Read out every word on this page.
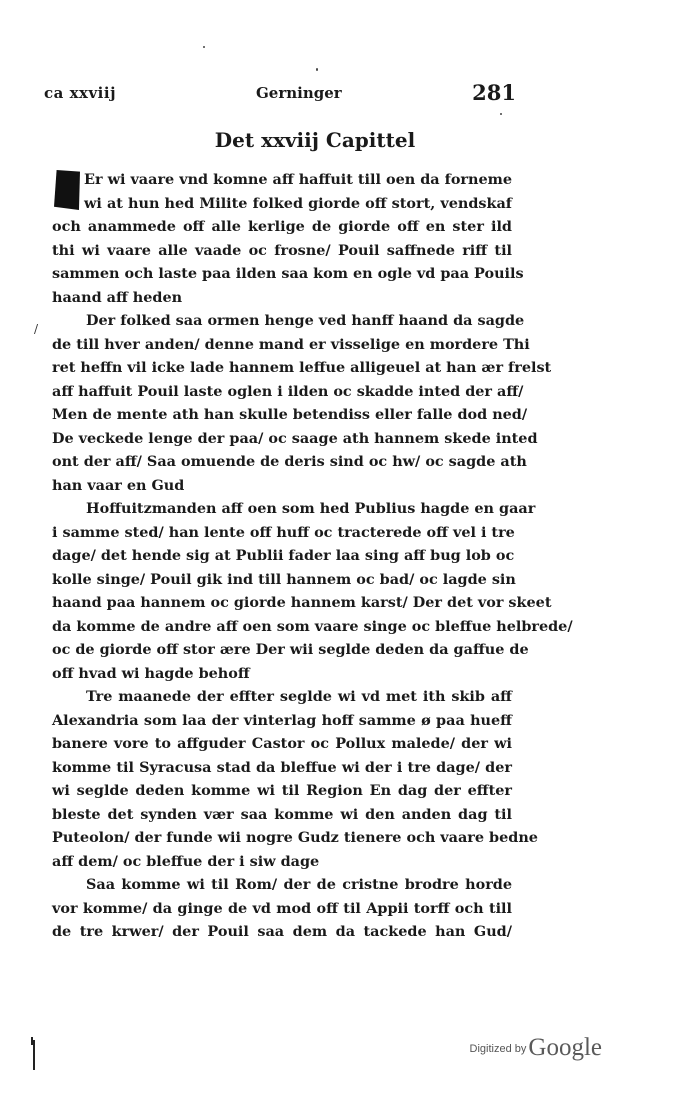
ca xxviij	Gerninger	281
Det xxviij Capittel
/
Er wi vaare vnd komne aff haffuit till oen da forneme
wi at hun hed Milite folked giorde off stort, vendskaf
och anammede off alle kerlige de giorde off en ster ild
thi wi vaare alle vaade oc frosne/ Pouil saffnede riff til
sammen och laste paa ilden saa kom en ogle vd paa Pouils
haand aff heden
Der folked saa ormen henge ved hanff haand da sagde
de till hver anden/ denne mand er visselige en mordere Thi
ret heffn vil icke lade hannem leffue alligeuel at han ær frelst
aff haffuit Pouil laste oglen i ilden oc skadde inted der aff/
Men de mente ath han skulle betendiss eller falle dod ned/
De veckede lenge der paa/ oc saage ath hannem skede inted
ont der aff/ Saa omuende de deris sind oc hw/ oc sagde ath
han vaar en Gud
Hoffuitzmanden aff oen som hed Publius hagde en gaar
i samme sted/ han lente off huff oc tracterede off vel i tre
dage/ det hende sig at Publii fader laa sing aff bug lob oc
kolle singe/ Pouil gik ind till hannem oc bad/ oc lagde sin
haand paa hannem oc giorde hannem karst/ Der det vor skeet
da komme de andre aff oen som vaare singe oc bleffue helbrede/
oc de giorde off stor ære Der wii seglde deden da gaffue de
off hvad wi hagde behoff
Tre maanede der effter seglde wi vd met ith skib aff
Alexandria som laa der vinterlag hoff samme ø paa hueff
banere vore to affguder Castor oc Pollux malede/ der wi
komme til Syracusa stad da bleffue wi der i tre dage/ der
wi seglde deden komme wi til Region En dag der effter
bleste det synden vær saa komme wi den anden dag til
Puteolon/ der funde wii nogre Gudz tienere och vaare bedne
aff dem/ oc bleffue der i siw dage
Saa komme wi til Rom/ der de cristne brodre horde
vor komme/ da ginge de vd mod off til Appii torff och till
de tre krwer/ der Pouil saa dem da tackede han Gud/
Digitized byGoogle
